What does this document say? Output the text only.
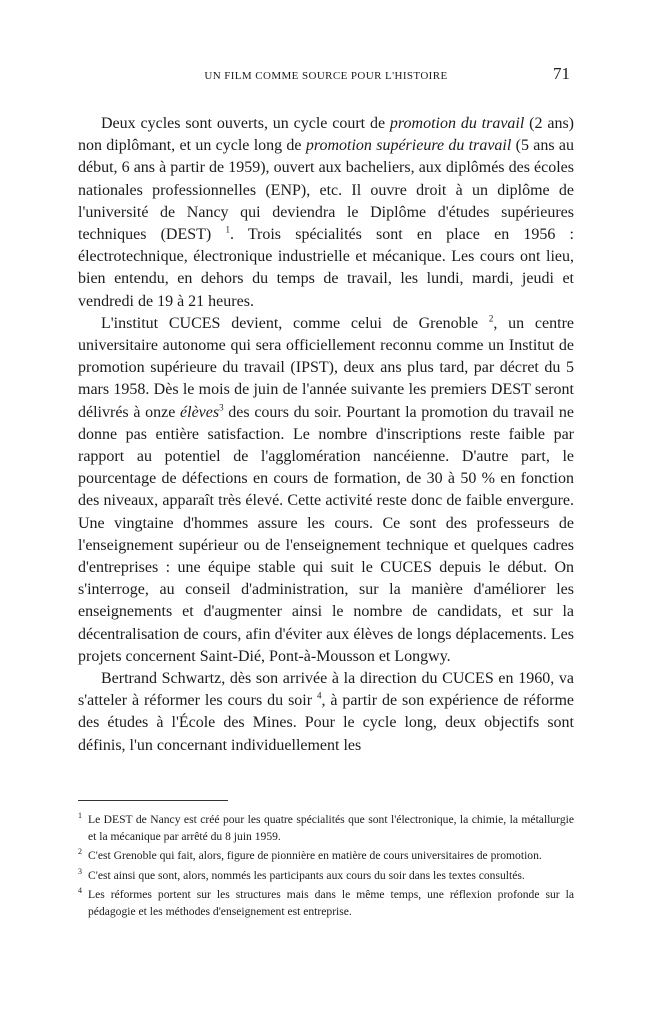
UN FILM COMME SOURCE POUR L'HISTOIRE	71

Deux cycles sont ouverts, un cycle court de promotion du travail (2 ans) non diplômant, et un cycle long de promotion supérieure du travail (5 ans au début, 6 ans à partir de 1959), ouvert aux bacheliers, aux diplômés des écoles nationales professionnelles (ENP), etc. Il ouvre droit à un diplôme de l'université de Nancy qui deviendra le Diplôme d'études supérieures techniques (DEST) $^1$. Trois spécialités sont en place en 1956 : électrotechnique, électronique industrielle et mécanique. Les cours ont lieu, bien entendu, en dehors du temps de travail, les lundi, mardi, jeudi et vendredi de 19 à 21 heures.

L'institut CUCES devient, comme celui de Grenoble $^2$, un centre universitaire autonome qui sera officiellement reconnu comme un Institut de promotion supérieure du travail (IPST), deux ans plus tard, par décret du 5 mars 1958. Dès le mois de juin de l'année suivante les premiers DEST seront délivrés à onze élèves$^3$ des cours du soir. Pourtant la promotion du travail ne donne pas entière satisfaction. Le nombre d'inscriptions reste faible par rapport au potentiel de l'agglomération nancéienne. D'autre part, le pourcentage de défections en cours de formation, de 30 à 50 % en fonction des niveaux, apparaît très élevé. Cette activité reste donc de faible envergure. Une vingtaine d'hommes assure les cours. Ce sont des professeurs de l'enseignement supérieur ou de l'enseignement technique et quelques cadres d'entreprises : une équipe stable qui suit le CUCES depuis le début. On s'interroge, au conseil d'administration, sur la manière d'améliorer les enseignements et d'augmenter ainsi le nombre de candidats, et sur la décentralisation de cours, afin d'éviter aux élèves de longs déplacements. Les projets concernent Saint-Dié, Pont-à-Mousson et Longwy.

Bertrand Schwartz, dès son arrivée à la direction du CUCES en 1960, va s'atteler à réformer les cours du soir $^4$, à partir de son expérience de réforme des études à l'École des Mines. Pour le cycle long, deux objectifs sont définis, l'un concernant individuellement les

1 Le DEST de Nancy est créé pour les quatre spécialités que sont l'électronique, la chimie, la métallurgie et la mécanique par arrêté du 8 juin 1959.
2 C'est Grenoble qui fait, alors, figure de pionnière en matière de cours universitaires de promotion.
3 C'est ainsi que sont, alors, nommés les participants aux cours du soir dans les textes consultés.
4 Les réformes portent sur les structures mais dans le même temps, une réflexion profonde sur la pédagogie et les méthodes d'enseignement est entreprise.
